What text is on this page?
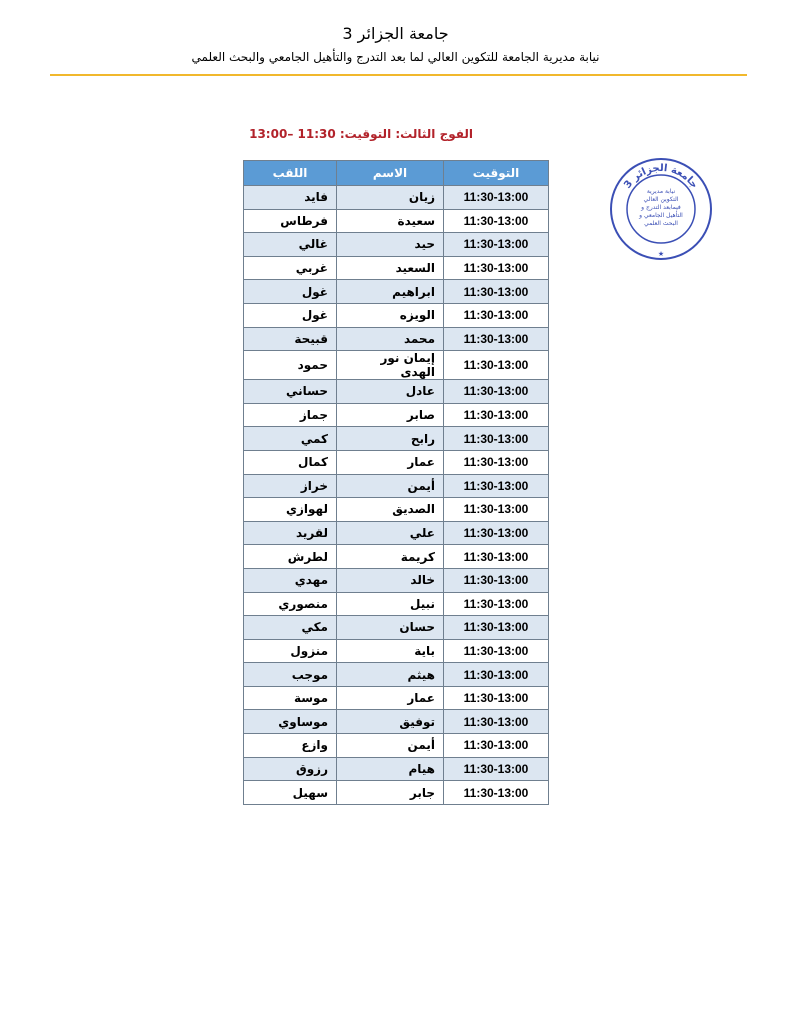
جامعة الجزائر 3
نيابة مديرية الجامعة للتكوين العالي لما بعد التدرج والتأهيل الجامعي والبحث العلمي
الفوج الثالث: التوقيت: 11:30 –13:00
التوقيت	الاسم	اللقب
11:30-13:00	زيان	فايد
11:30-13:00	سعيدة	فرطاس
11:30-13:00	حيد	غالي
11:30-13:00	السعيد	غربي
11:30-13:00	ابراهيم	غول
11:30-13:00	الويزه	غول
11:30-13:00	محمد	قبيحة
11:30-13:00	إيمان نور الهدى	حمود
11:30-13:00	عادل	حساني
11:30-13:00	صابر	جماز
11:30-13:00	رابح	كمي
11:30-13:00	عمار	كمال
11:30-13:00	أيمن	خراز
11:30-13:00	الصديق	لهوازي
11:30-13:00	علي	لقريد
11:30-13:00	كريمة	لطرش
11:30-13:00	خالد	مهدي
11:30-13:00	نبيل	منصوري
11:30-13:00	حسان	مكي
11:30-13:00	باية	منزول
11:30-13:00	هيثم	موجب
11:30-13:00	عمار	موسة
11:30-13:00	توفيق	موساوي
11:30-13:00	أيمن	وازع
11:30-13:00	هيام	رزوق
11:30-13:00	جابر	سهيل
جامعة الجزائر 3
نيابة مديرية
التكوين العالي
فيمابعد التدرج و
التأهيل الجامعي و
البحث العلمي
★
